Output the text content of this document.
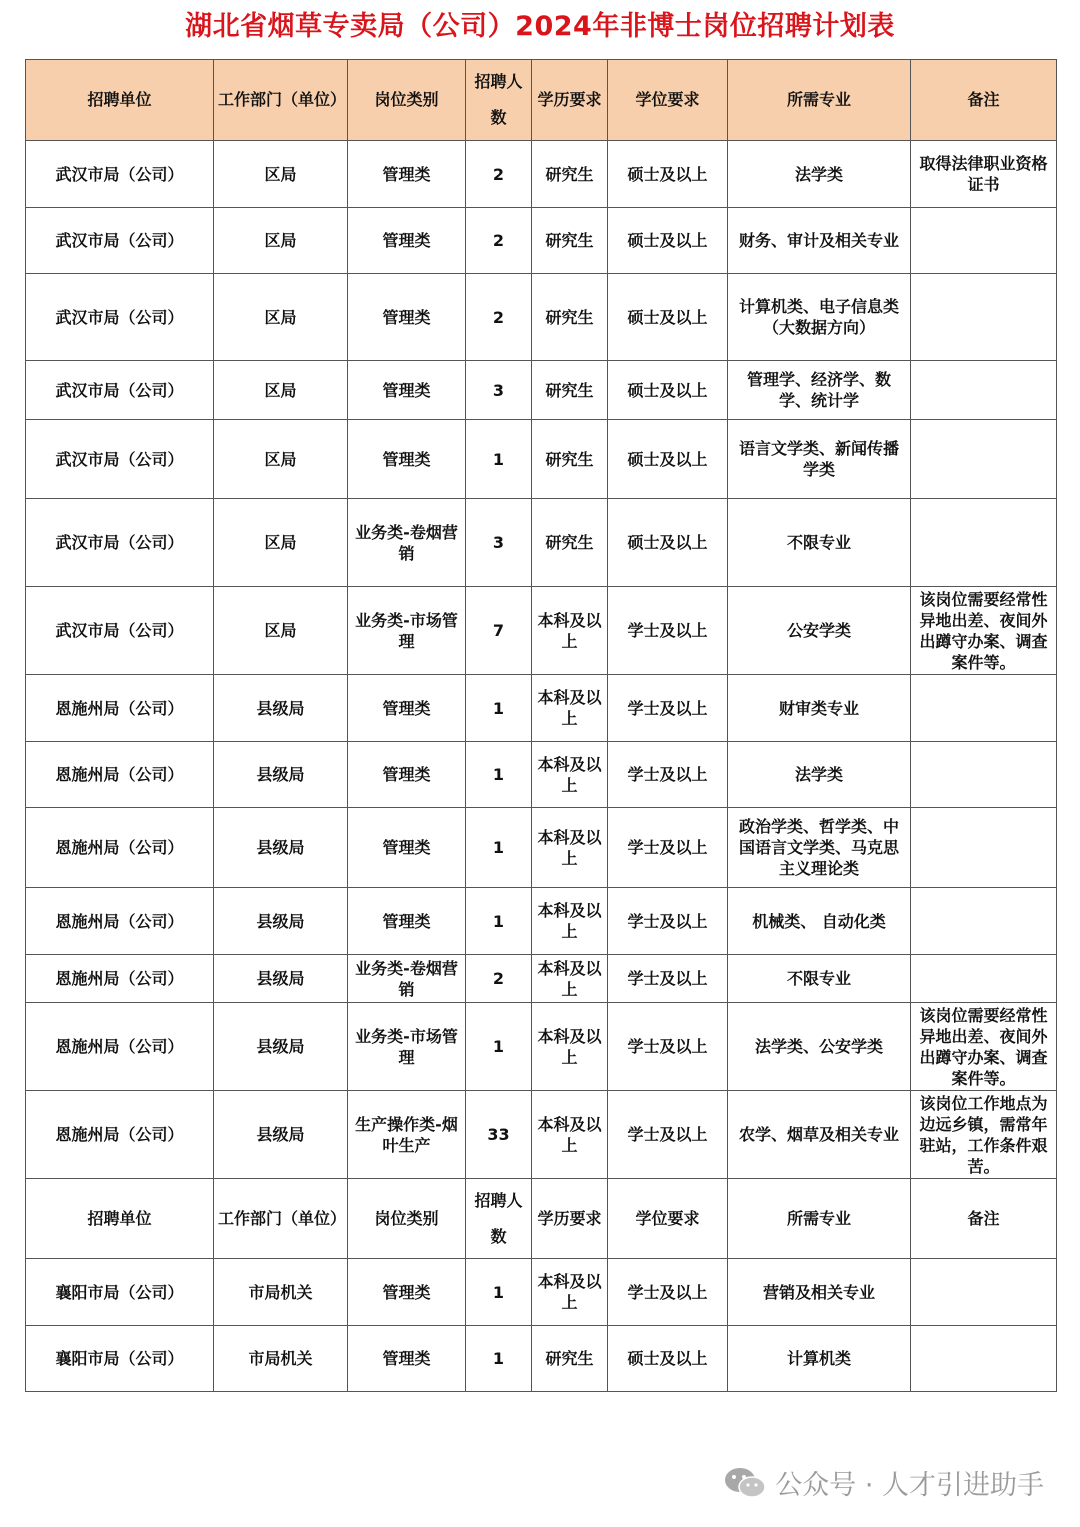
湖北省烟草专卖局（公司）2024年非博士岗位招聘计划表
招聘单位	工作部门（单位）	岗位类别	招聘人数	学历要求	学位要求	所需专业	备注
武汉市局（公司）	区局	管理类	2	研究生	硕士及以上	法学类	取得法律职业资格证书
武汉市局（公司）	区局	管理类	2	研究生	硕士及以上	财务、审计及相关专业	
武汉市局（公司）	区局	管理类	2	研究生	硕士及以上	计算机类、电子信息类（大数据方向）	
武汉市局（公司）	区局	管理类	3	研究生	硕士及以上	管理学、经济学、数学、统计学	
武汉市局（公司）	区局	管理类	1	研究生	硕士及以上	语言文学类、新闻传播学类	
武汉市局（公司）	区局	业务类-卷烟营销	3	研究生	硕士及以上	不限专业	
武汉市局（公司）	区局	业务类-市场管理	7	本科及以上	学士及以上	公安学类	该岗位需要经常性异地出差、夜间外出蹲守办案、调查案件等。
恩施州局（公司）	县级局	管理类	1	本科及以上	学士及以上	财审类专业	
恩施州局（公司）	县级局	管理类	1	本科及以上	学士及以上	法学类	
恩施州局（公司）	县级局	管理类	1	本科及以上	学士及以上	政治学类、哲学类、中国语言文学类、马克思主义理论类	
恩施州局（公司）	县级局	管理类	1	本科及以上	学士及以上	机械类、 自动化类	
恩施州局（公司）	县级局	业务类-卷烟营销	2	本科及以上	学士及以上	不限专业	
恩施州局（公司）	县级局	业务类-市场管理	1	本科及以上	学士及以上	法学类、公安学类	该岗位需要经常性异地出差、夜间外出蹲守办案、调查案件等。
恩施州局（公司）	县级局	生产操作类-烟叶生产	33	本科及以上	学士及以上	农学、烟草及相关专业	该岗位工作地点为边远乡镇，需常年驻站，工作条件艰苦。
招聘单位	工作部门（单位）	岗位类别	招聘人数	学历要求	学位要求	所需专业	备注
襄阳市局（公司）	市局机关	管理类	1	本科及以上	学士及以上	营销及相关专业	
襄阳市局（公司）	市局机关	管理类	1	研究生	硕士及以上	计算机类	
公众号 · 人才引进助手
